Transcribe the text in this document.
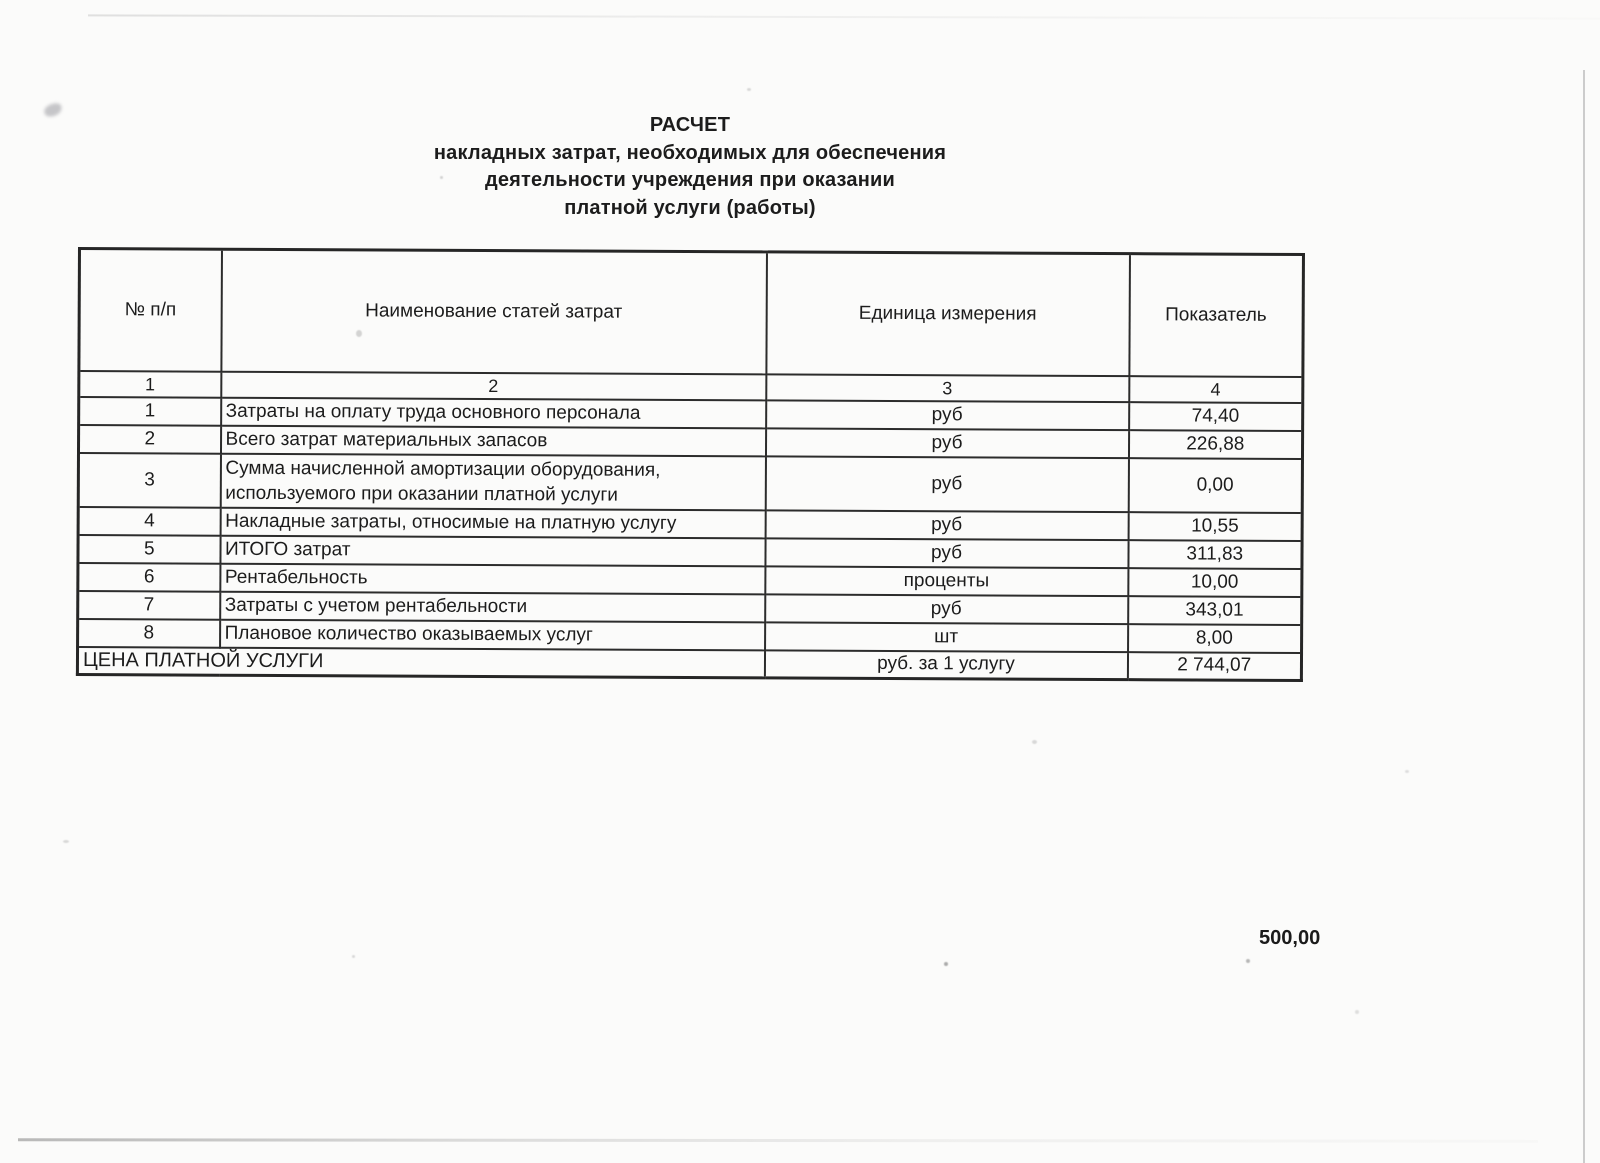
РАСЧЕТ
накладных затрат, необходимых для обеспечения
деятельности учреждения при оказании
платной услуги (работы)
№ п/п	Наименование статей затрат	Единица измерения	Показатель
1	2	3	4
1	Затраты на оплату труда основного персонала	руб	74,40
2	Всего затрат материальных запасов	руб	226,88
3	Сумма начисленной амортизации оборудования, используемого при оказании платной услуги	руб	0,00
4	Накладные затраты, относимые на платную услугу	руб	10,55
5	ИТОГО затрат	руб	311,83
6	Рентабельность	проценты	10,00
7	Затраты с учетом рентабельности	руб	343,01
8	Плановое количество оказываемых услуг	шт	8,00
ЦЕНА ПЛАТНОЙ УСЛУГИ		руб. за 1 услугу	2 744,07
500,00
